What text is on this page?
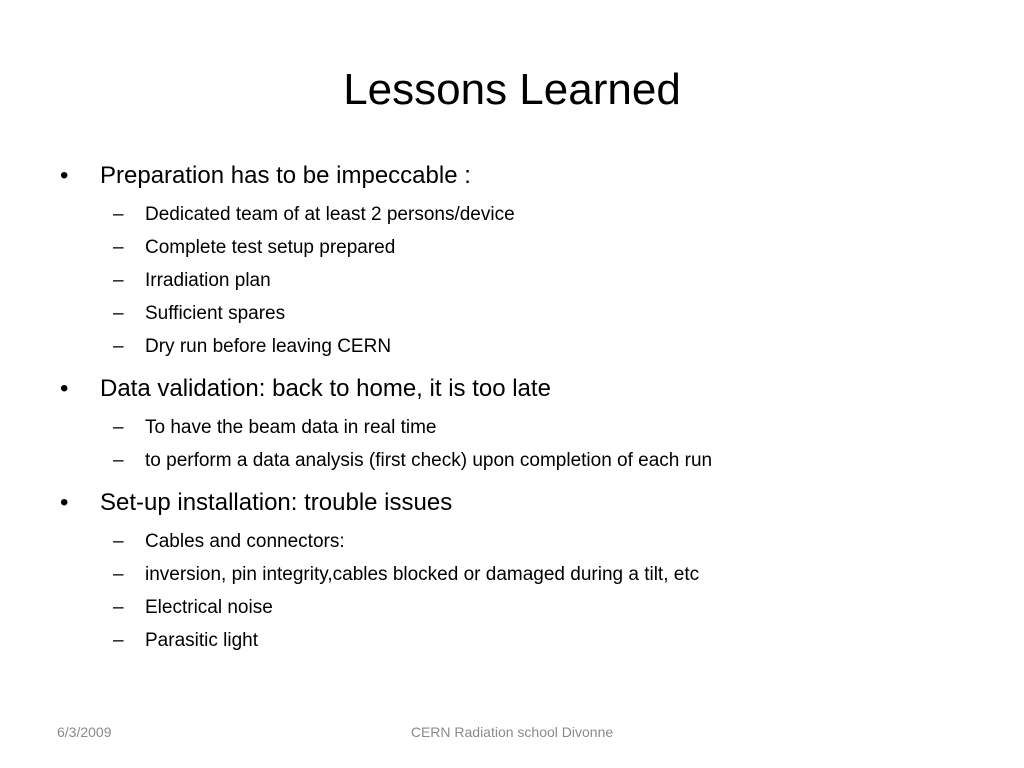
Lessons Learned
•	Preparation has to be impeccable :
– Dedicated team of at least 2 persons/device
– Complete test setup prepared
– Irradiation plan
– Sufficient spares
– Dry run before leaving CERN
•	Data validation: back to home, it is too late
– To have the beam data in real time
– to perform a data analysis (first check) upon completion of each run
•	Set-up installation: trouble issues
– Cables and connectors:
– inversion, pin integrity,cables blocked or damaged during a tilt, etc
– Electrical noise
– Parasitic light
6/3/2009	CERN Radiation school Divonne
